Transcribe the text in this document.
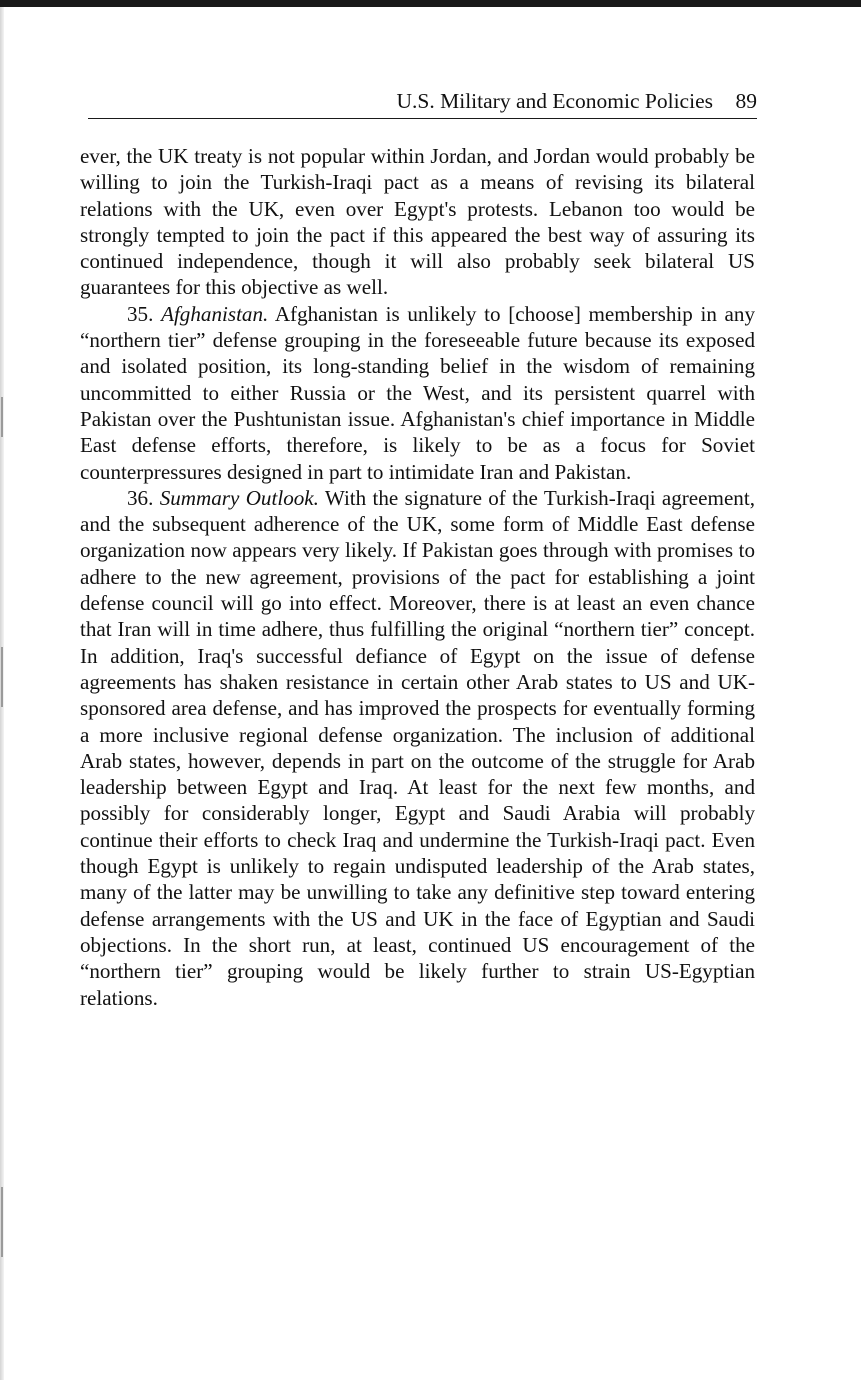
U.S. Military and Economic Policies 89

ever, the UK treaty is not popular within Jordan, and Jordan would probably be willing to join the Turkish-Iraqi pact as a means of revising its bilateral relations with the UK, even over Egypt's protests. Lebanon too would be strongly tempted to join the pact if this appeared the best way of assuring its continued independence, though it will also probably seek bilateral US guarantees for this objective as well.

35. Afghanistan. Afghanistan is unlikely to [choose] membership in any “northern tier” defense grouping in the foreseeable future because its exposed and isolated position, its long-standing belief in the wisdom of remaining uncommitted to either Russia or the West, and its persistent quarrel with Pakistan over the Pushtunistan issue. Afghanistan's chief importance in Middle East defense efforts, therefore, is likely to be as a focus for Soviet counterpressures designed in part to intimidate Iran and Pakistan.

36. Summary Outlook. With the signature of the Turkish-Iraqi agreement, and the subsequent adherence of the UK, some form of Middle East defense organization now appears very likely. If Pakistan goes through with promises to adhere to the new agreement, provisions of the pact for establishing a joint defense council will go into effect. Moreover, there is at least an even chance that Iran will in time adhere, thus fulfilling the original “northern tier” concept. In addition, Iraq's successful defiance of Egypt on the issue of defense agreements has shaken resistance in certain other Arab states to US and UK-sponsored area defense, and has improved the prospects for eventually forming a more inclusive regional defense organization. The inclusion of additional Arab states, however, depends in part on the outcome of the struggle for Arab leadership between Egypt and Iraq. At least for the next few months, and possibly for considerably longer, Egypt and Saudi Arabia will probably continue their efforts to check Iraq and undermine the Turkish-Iraqi pact. Even though Egypt is unlikely to regain undisputed leadership of the Arab states, many of the latter may be unwilling to take any definitive step toward entering defense arrangements with the US and UK in the face of Egyptian and Saudi objections. In the short run, at least, continued US encouragement of the “northern tier” grouping would be likely further to strain US-Egyptian relations.
